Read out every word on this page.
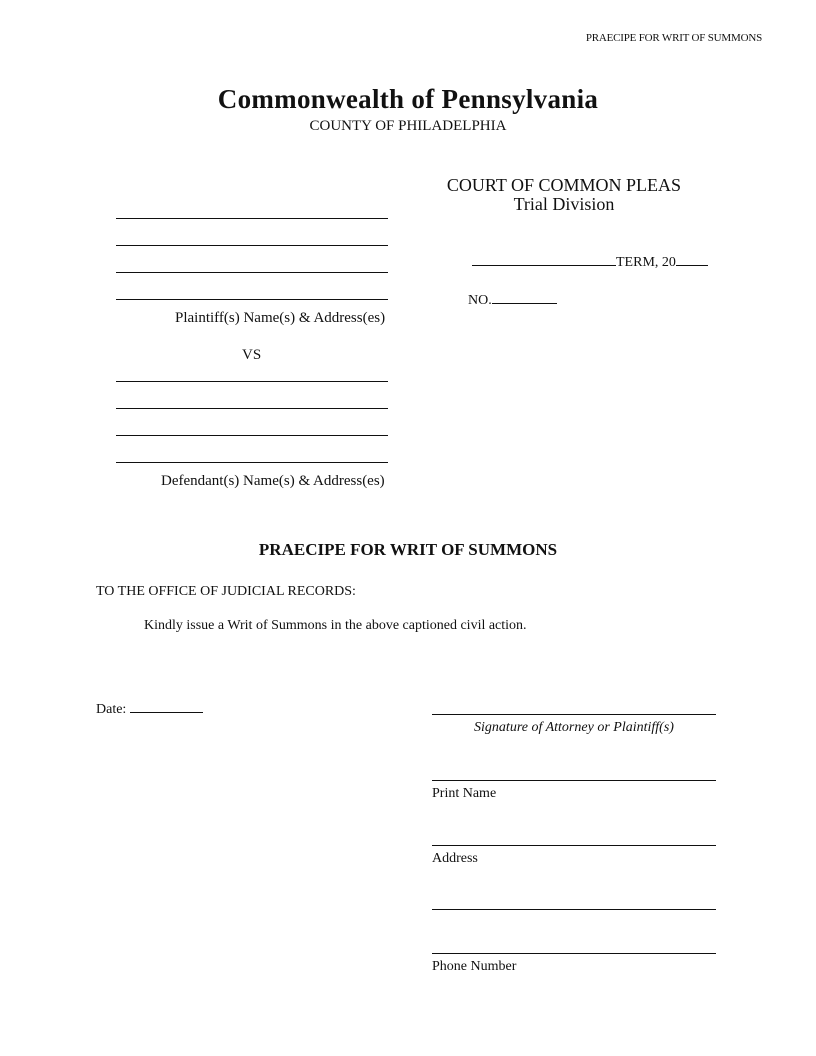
PRAECIPE FOR WRIT OF SUMMONS
Commonwealth of Pennsylvania
COUNTY OF PHILADELPHIA
COURT OF COMMON PLEAS
Trial Division
Plaintiff(s) Name(s) & Address(es)
TERM, 20
NO.
VS
Defendant(s) Name(s) & Address(es)
PRAECIPE FOR WRIT OF SUMMONS
TO THE OFFICE OF JUDICIAL RECORDS:
Kindly issue a Writ of Summons in the above captioned civil action.
Date:
Signature of Attorney or Plaintiff(s)
Print Name
Address
Phone Number
